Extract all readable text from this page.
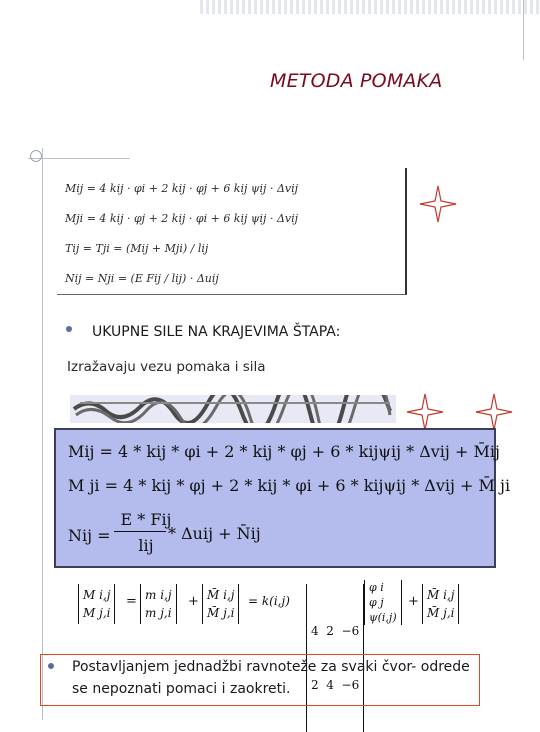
METODA POMAKA
Mij = 4 kij · φi + 2 kij · φj + 6 kij ψij · Δvij
Mji = 4 kij · φj + 2 kij · φi + 6 kij ψij · Δvij
Tij = Tji = (Mij + Mji) / lij
Nij = Nji = (E Fij / lij) · Δuij
UKUPNE SILE NA KRAJEVIMA ŠTAPA:
Izražavaju vezu pomaka i sila
Mij = 4 * kij * φi + 2 * kij * φj + 6 * kijψij * Δvij + M̄ij
M ji = 4 * kij * φj + 2 * kij * φi + 6 * kijψij * Δvij + M̄ ji
Nij =
E * Fij
lij
* Δuij + N̄ij
M i,j
M j,i
= m i,j
m j,i
+ M̄ i,j
M̄ j,i
= k(i,j)

4  2  −6

2  4  −6

φ i
φ j
ψ(i,j)
+ M̄ i,j
M̄ j,i
Postavljanjem jednadžbi ravnoteže za svaki čvor- odrede se nepoznati pomaci i zaokreti.
